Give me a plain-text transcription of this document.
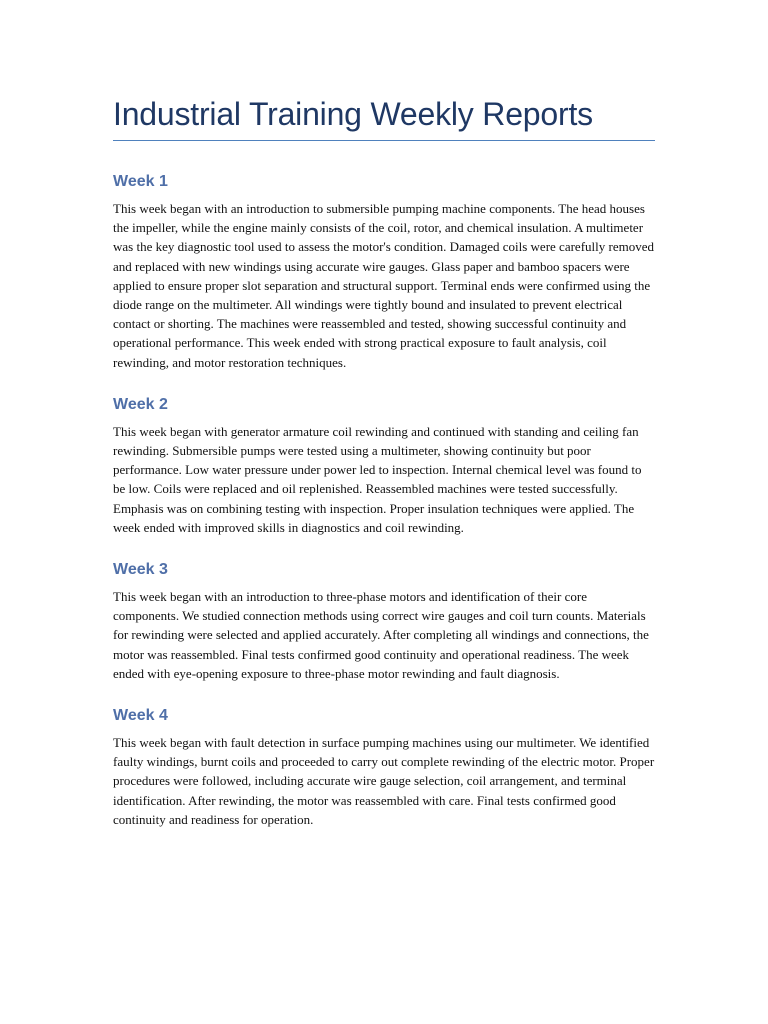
Industrial Training Weekly Reports
Week 1

This week began with an introduction to submersible pumping machine components. The head houses the impeller, while the engine mainly consists of the coil, rotor, and chemical insulation. A multimeter was the key diagnostic tool used to assess the motor's condition. Damaged coils were carefully removed and replaced with new windings using accurate wire gauges. Glass paper and bamboo spacers were applied to ensure proper slot separation and structural support. Terminal ends were confirmed using the diode range on the multimeter. All windings were tightly bound and insulated to prevent electrical contact or shorting. The machines were reassembled and tested, showing successful continuity and operational performance. This week ended with strong practical exposure to fault analysis, coil rewinding, and motor restoration techniques.

Week 2

This week began with generator armature coil rewinding and continued with standing and ceiling fan rewinding. Submersible pumps were tested using a multimeter, showing continuity but poor performance. Low water pressure under power led to inspection. Internal chemical level was found to be low. Coils were replaced and oil replenished. Reassembled machines were tested successfully. Emphasis was on combining testing with inspection. Proper insulation techniques were applied. The week ended with improved skills in diagnostics and coil rewinding.

Week 3

This week began with an introduction to three-phase motors and identification of their core components. We studied connection methods using correct wire gauges and coil turn counts. Materials for rewinding were selected and applied accurately. After completing all windings and connections, the motor was reassembled. Final tests confirmed good continuity and operational readiness. The week ended with eye-opening exposure to three-phase motor rewinding and fault diagnosis.

Week 4

This week began with fault detection in surface pumping machines using our multimeter. We identified faulty windings, burnt coils and proceeded to carry out complete rewinding of the electric motor. Proper procedures were followed, including accurate wire gauge selection, coil arrangement, and terminal identification. After rewinding, the motor was reassembled with care. Final tests confirmed good continuity and readiness for operation.
